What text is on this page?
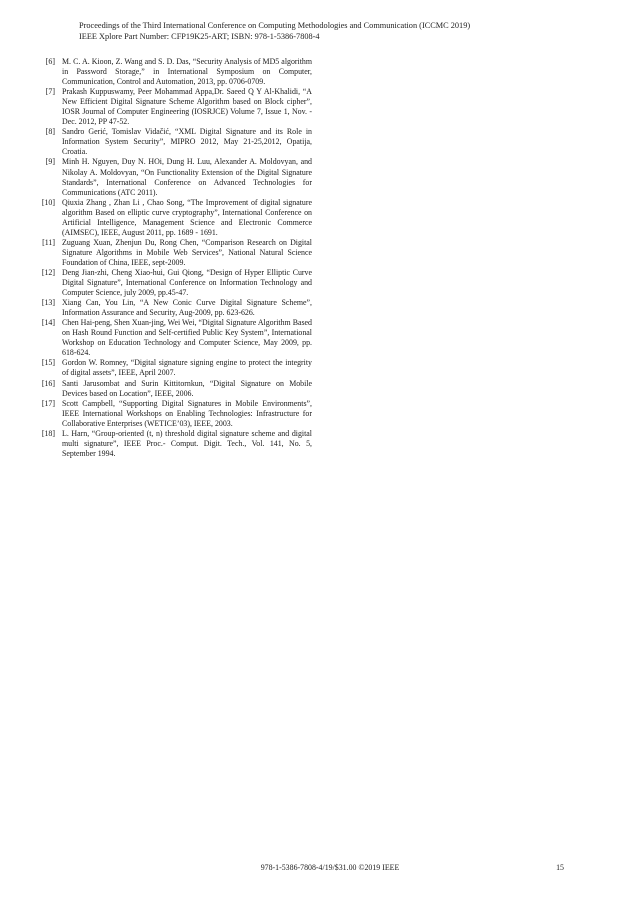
Proceedings of the Third International Conference on Computing Methodologies and Communication (ICCMC 2019)
IEEE Xplore Part Number: CFP19K25-ART; ISBN: 978-1-5386-7808-4
[6] M. C. A. Kioon, Z. Wang and S. D. Das, “Security Analysis of MD5 algorithm in Password Storage,” in International Symposium on Computer, Communication, Control and Automation, 2013, pp. 0706-0709.
[7] Prakash Kuppuswamy, Peer Mohammad Appa,Dr. Saeed Q Y Al-Khalidi, “A New Efficient Digital Signature Scheme Algorithm based on Block cipher”, IOSR Journal of Computer Engineering (IOSRJCE) Volume 7, Issue 1, Nov. - Dec. 2012, PP 47-52.
[8] Sandro Gerić, Tomislav Vidačić, “XML Digital Signature and its Role in Information System Security”, MIPRO 2012, May 21-25,2012, Opatija, Croatia.
[9] Minh H. Nguyen, Duy N. HOi, Dung H. Luu, Alexander A. Moldovyan, and Nikolay A. Moldovyan, “On Functionality Extension of the Digital Signature Standards”, International Conference on Advanced Technologies for Communications (ATC 2011).
[10] Qiuxia Zhang , Zhan Li , Chao Song, “The Improvement of digital signature algorithm Based on elliptic curve cryptography”, International Conference on Artificial Intelligence, Management Science and Electronic Commerce (AIMSEC), IEEE, August 2011, pp. 1689 - 1691.
[11] Zuguang Xuan, Zhenjun Du, Rong Chen, “Comparison Research on Digital Signature Algorithms in Mobile Web Services”, National Natural Science Foundation of China, IEEE, sept-2009.
[12] Deng Jian-zhi, Cheng Xiao-hui, Gui Qiong, “Design of Hyper Elliptic Curve Digital Signature”, International Conference on Information Technology and Computer Science, july 2009, pp.45-47.
[13] Xiang Can, You Lin, “A New Conic Curve Digital Signature Scheme”, Information Assurance and Security, Aug-2009, pp. 623-626.
[14] Chen Hai-peng, Shen Xuan-jing, Wei Wei, “Digital Signature Algorithm Based on Hash Round Function and Self-certified Public Key System”, International Workshop on Education Technology and Computer Science, May 2009, pp. 618-624.
[15] Gordon W. Romney, “Digital signature signing engine to protect the integrity of digital assets”, IEEE, April 2007.
[16] Santi Jarusombat and Surin Kittitornkun, “Digital Signature on Mobile Devices based on Location”, IEEE, 2006.
[17] Scott Campbell, “Supporting Digital Signatures in Mobile Environments”, IEEE International Workshops on Enabling Technologies: Infrastructure for Collaborative Enterprises (WETICE’03), IEEE, 2003.
[18] L. Harn, “Group-oriented (t, n) threshold digital signature scheme and digital multi signature”, IEEE Proc.- Comput. Digit. Tech., Vol. 141, No. 5, September 1994.
978-1-5386-7808-4/19/$31.00 ©2019 IEEE	15
